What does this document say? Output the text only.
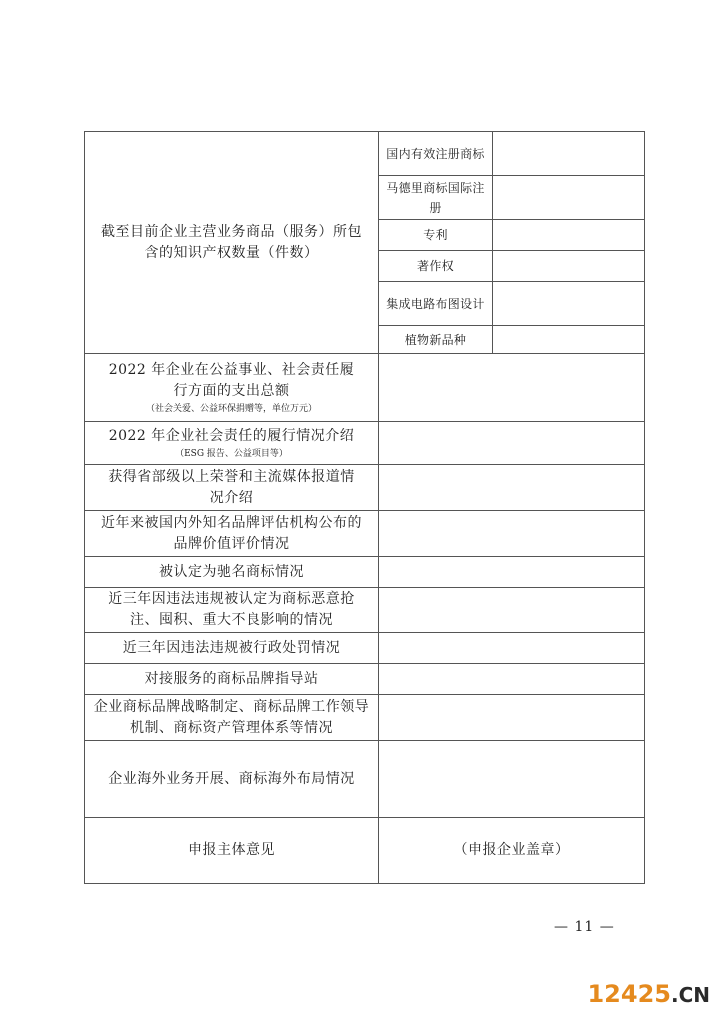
截至目前企业主营业务商品（服务）所包含的知识产权数量（件数）	国内有效注册商标	

	马德里商标国际注册	

	专利	

	著作权	

	集成电路布图设计	

	植物新品种	

2022 年企业在公益事业、社会责任履行方面的支出总额
（社会关爱、公益环保捐赠等，单位万元）		

2022 年企业社会责任的履行情况介绍
（ESG 报告、公益项目等）		

获得省部级以上荣誉和主流媒体报道情况介绍		

近年来被国内外知名品牌评估机构公布的品牌价值评价情况		

被认定为驰名商标情况		

近三年因违法违规被认定为商标恶意抢注、囤积、重大不良影响的情况		

近三年因违法违规被行政处罚情况		

对接服务的商标品牌指导站		

企业商标品牌战略制定、商标品牌工作领导机制、商标资产管理体系等情况		

企业海外业务开展、商标海外布局情况		

申报主体意见	（申报企业盖章）	
— 11 —
12425.CN
